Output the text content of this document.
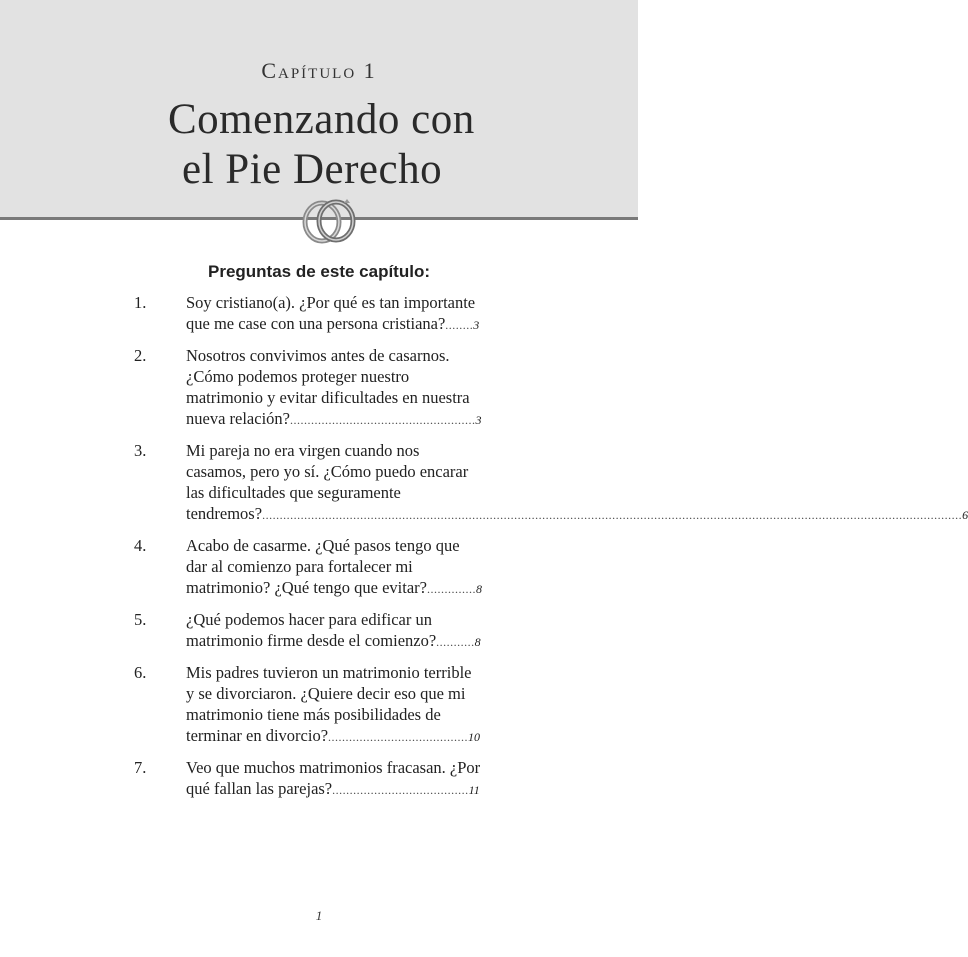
Capítulo 1
Comenzando con
el Pie Derecho
Preguntas de este capítulo:
1.	Soy cristiano(a). ¿Por qué es tan importante que me case con una persona cristiana?........3
2.	Nosotros convivimos antes de casarnos. ¿Cómo podemos proteger nuestro matrimonio y evitar dificultades en nuestra nueva relación?.....................................................3
3.	Mi pareja no era virgen cuando nos casamos, pero yo sí. ¿Cómo puedo encarar las dificultades que seguramente tendremos?........................................................................................................................................................................................................6
4.	Acabo de casarme. ¿Qué pasos tengo que dar al comienzo para fortalecer mi matrimonio? ¿Qué tengo que evitar?..............8
5.	¿Qué podemos hacer para edificar un matrimonio firme desde el comienzo?...........8
6.	Mis padres tuvieron un matrimonio terrible y se divorciaron. ¿Quiere decir eso que mi matrimonio tiene más posibilidades de terminar en divorcio?........................................10
7.	Veo que muchos matrimonios fracasan. ¿Por qué fallan las parejas?.......................................11
1
